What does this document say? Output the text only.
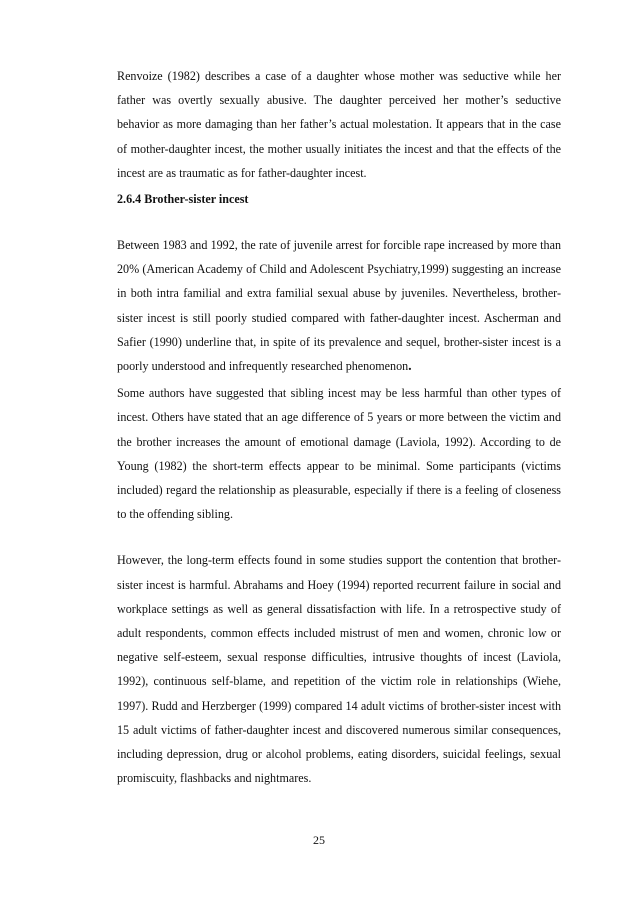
Renvoize (1982) describes a case of a daughter whose mother was seductive while her father was overtly sexually abusive. The daughter perceived her mother’s seductive behavior as more damaging than her father’s actual molestation. It appears that in the case of mother-daughter incest, the mother usually initiates the incest and that the effects of the incest are as traumatic as for father-daughter incest.

2.6.4 Brother-sister incest

Between 1983 and 1992, the rate of juvenile arrest for forcible rape increased by more than 20% (American Academy of Child and Adolescent Psychiatry,1999) suggesting an increase in both intra familial and extra familial sexual abuse by juveniles. Nevertheless, brother-sister incest is still poorly studied compared with father-daughter incest. Ascherman and Safier (1990) underline that, in spite of its prevalence and sequel, brother-sister incest is a poorly understood and infrequently researched phenomenon.

Some authors have suggested that sibling incest may be less harmful than other types of incest. Others have stated that an age difference of 5 years or more between the victim and the brother increases the amount of emotional damage (Laviola, 1992). According to de Young (1982) the short-term effects appear to be minimal. Some participants (victims included) regard the relationship as pleasurable, especially if there is a feeling of closeness to the offending sibling.

However, the long-term effects found in some studies support the contention that brother-sister incest is harmful. Abrahams and Hoey (1994) reported recurrent failure in social and workplace settings as well as general dissatisfaction with life. In a retrospective study of adult respondents, common effects included mistrust of men and women, chronic low or negative self-esteem, sexual response difficulties, intrusive thoughts of incest (Laviola, 1992), continuous self-blame, and repetition of the victim role in relationships (Wiehe, 1997). Rudd and Herzberger (1999) compared 14 adult victims of brother-sister incest with 15 adult victims of father-daughter incest and discovered numerous similar consequences, including depression, drug or alcohol problems, eating disorders, suicidal feelings, sexual promiscuity, flashbacks and nightmares.

25
